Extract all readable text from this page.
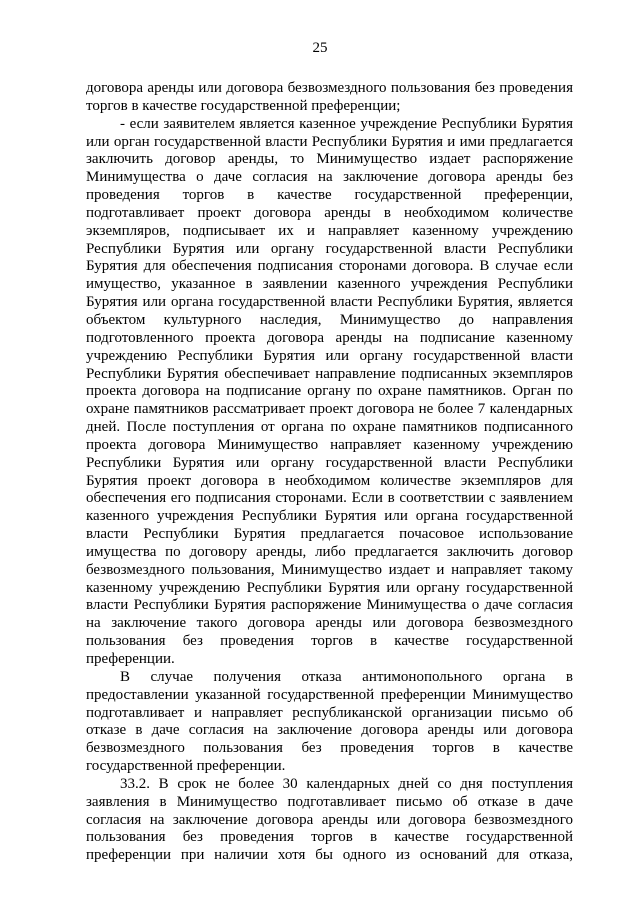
25
договора аренды или договора безвозмездного пользования без проведения
торгов в качестве государственной преференции;
- если заявителем является казенное учреждение Республики Бурятия
или орган государственной власти Республики Бурятия и ими предлагается
заключить договор аренды, то Минимущество издает распоряжение
Минимущества о даче согласия на заключение договора аренды без
проведения торгов в качестве государственной преференции,
подготавливает проект договора аренды в необходимом количестве
экземпляров, подписывает их и направляет казенному учреждению
Республики Бурятия или органу государственной власти Республики
Бурятия для обеспечения подписания сторонами договора. В случае если
имущество, указанное в заявлении казенного учреждения Республики
Бурятия или органа государственной власти Республики Бурятия, является
объектом культурного наследия, Минимущество до направления
подготовленного проекта договора аренды на подписание казенному
учреждению Республики Бурятия или органу государственной власти
Республики Бурятия обеспечивает направление подписанных экземпляров
проекта договора на подписание органу по охране памятников. Орган по
охране памятников рассматривает проект договора не более 7 календарных
дней. После поступления от органа по охране памятников подписанного
проекта договора Минимущество направляет казенному учреждению
Республики Бурятия или органу государственной власти Республики
Бурятия проект договора в необходимом количестве экземпляров для
обеспечения его подписания сторонами. Если в соответствии с заявлением
казенного учреждения Республики Бурятия или органа государственной
власти Республики Бурятия предлагается почасовое использование
имущества по договору аренды, либо предлагается заключить договор
безвозмездного пользования, Минимущество издает и направляет такому
казенному учреждению Республики Бурятия или органу государственной
власти Республики Бурятия распоряжение Минимущества о даче согласия
на заключение такого договора аренды или договора безвозмездного
пользования без проведения торгов в качестве государственной
преференции.
В случае получения отказа антимонопольного органа в
предоставлении указанной государственной преференции Минимущество
подготавливает и направляет республиканской организации письмо об
отказе в даче согласия на заключение договора аренды или договора
безвозмездного пользования без проведения торгов в качестве
государственной преференции.
33.2. В срок не более 30 календарных дней со дня поступления
заявления в Минимущество подготавливает письмо об отказе в даче
согласия на заключение договора аренды или договора безвозмездного
пользования без проведения торгов в качестве государственной
преференции при наличии хотя бы одного из оснований для отказа,
